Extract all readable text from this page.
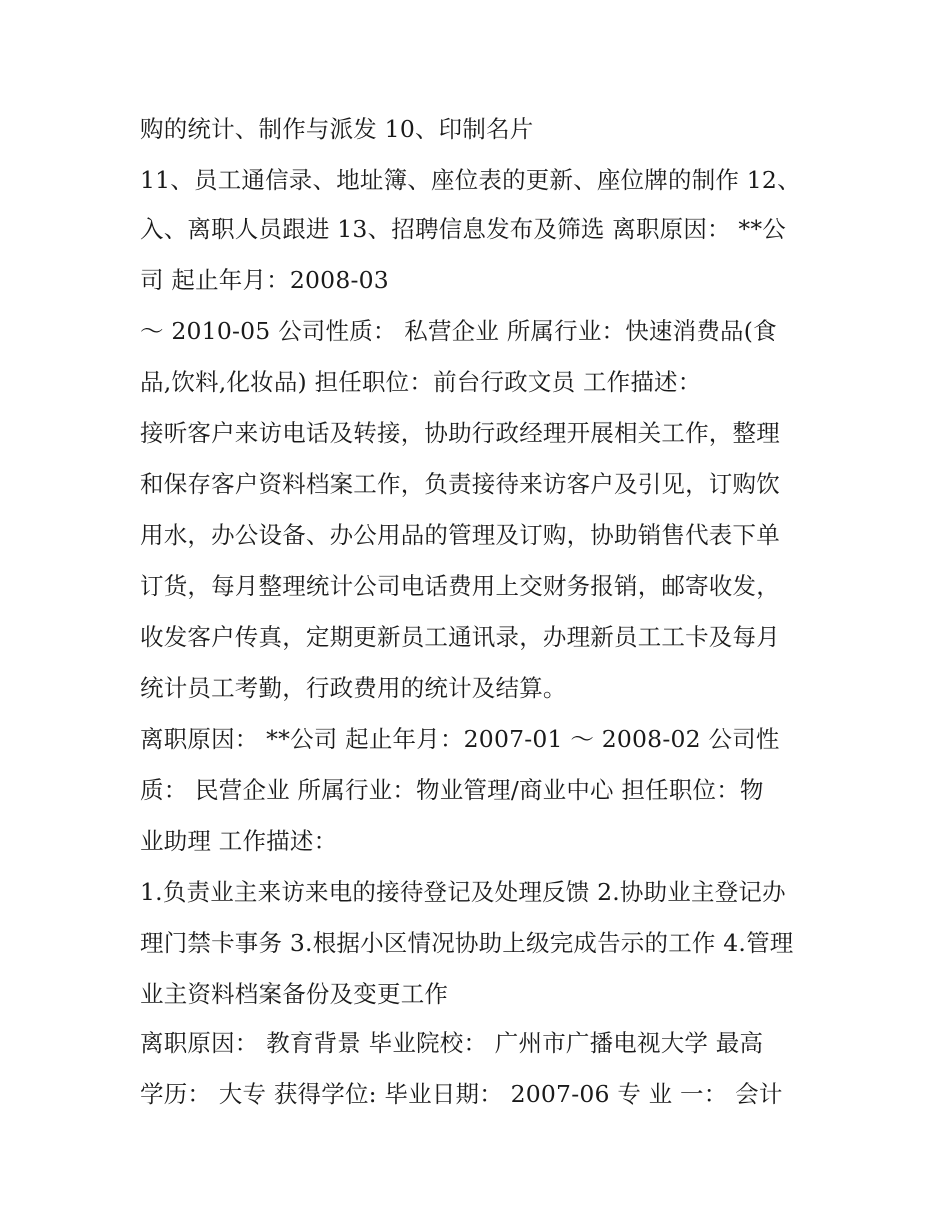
购的统计、制作与派发 10、印制名片
11、员工通信录、地址簿、座位表的更新、座位牌的制作 12、
入、离职人员跟进 13、招聘信息发布及筛选 离职原因： **公
司 起止年月：2008-03
～ 2010-05 公司性质： 私营企业 所属行业：快速消费品(食
品,饮料,化妆品) 担任职位：前台行政文员 工作描述：
接听客户来访电话及转接，协助行政经理开展相关工作，整理
和保存客户资料档案工作，负责接待来访客户及引见，订购饮
用水，办公设备、办公用品的管理及订购，协助销售代表下单
订货，每月整理统计公司电话费用上交财务报销，邮寄收发，
收发客户传真，定期更新员工通讯录，办理新员工工卡及每月
统计员工考勤，行政费用的统计及结算。
离职原因： **公司 起止年月：2007-01 ～ 2008-02 公司性
质： 民营企业 所属行业：物业管理/商业中心 担任职位：物
业助理 工作描述：
1.负责业主来访来电的接待登记及处理反馈 2.协助业主登记办
理门禁卡事务 3.根据小区情况协助上级完成告示的工作 4.管理
业主资料档案备份及变更工作
离职原因： 教育背景 毕业院校： 广州市广播电视大学 最高
学历： 大专 获得学位: 毕业日期： 2007-06 专 业 一： 会计
